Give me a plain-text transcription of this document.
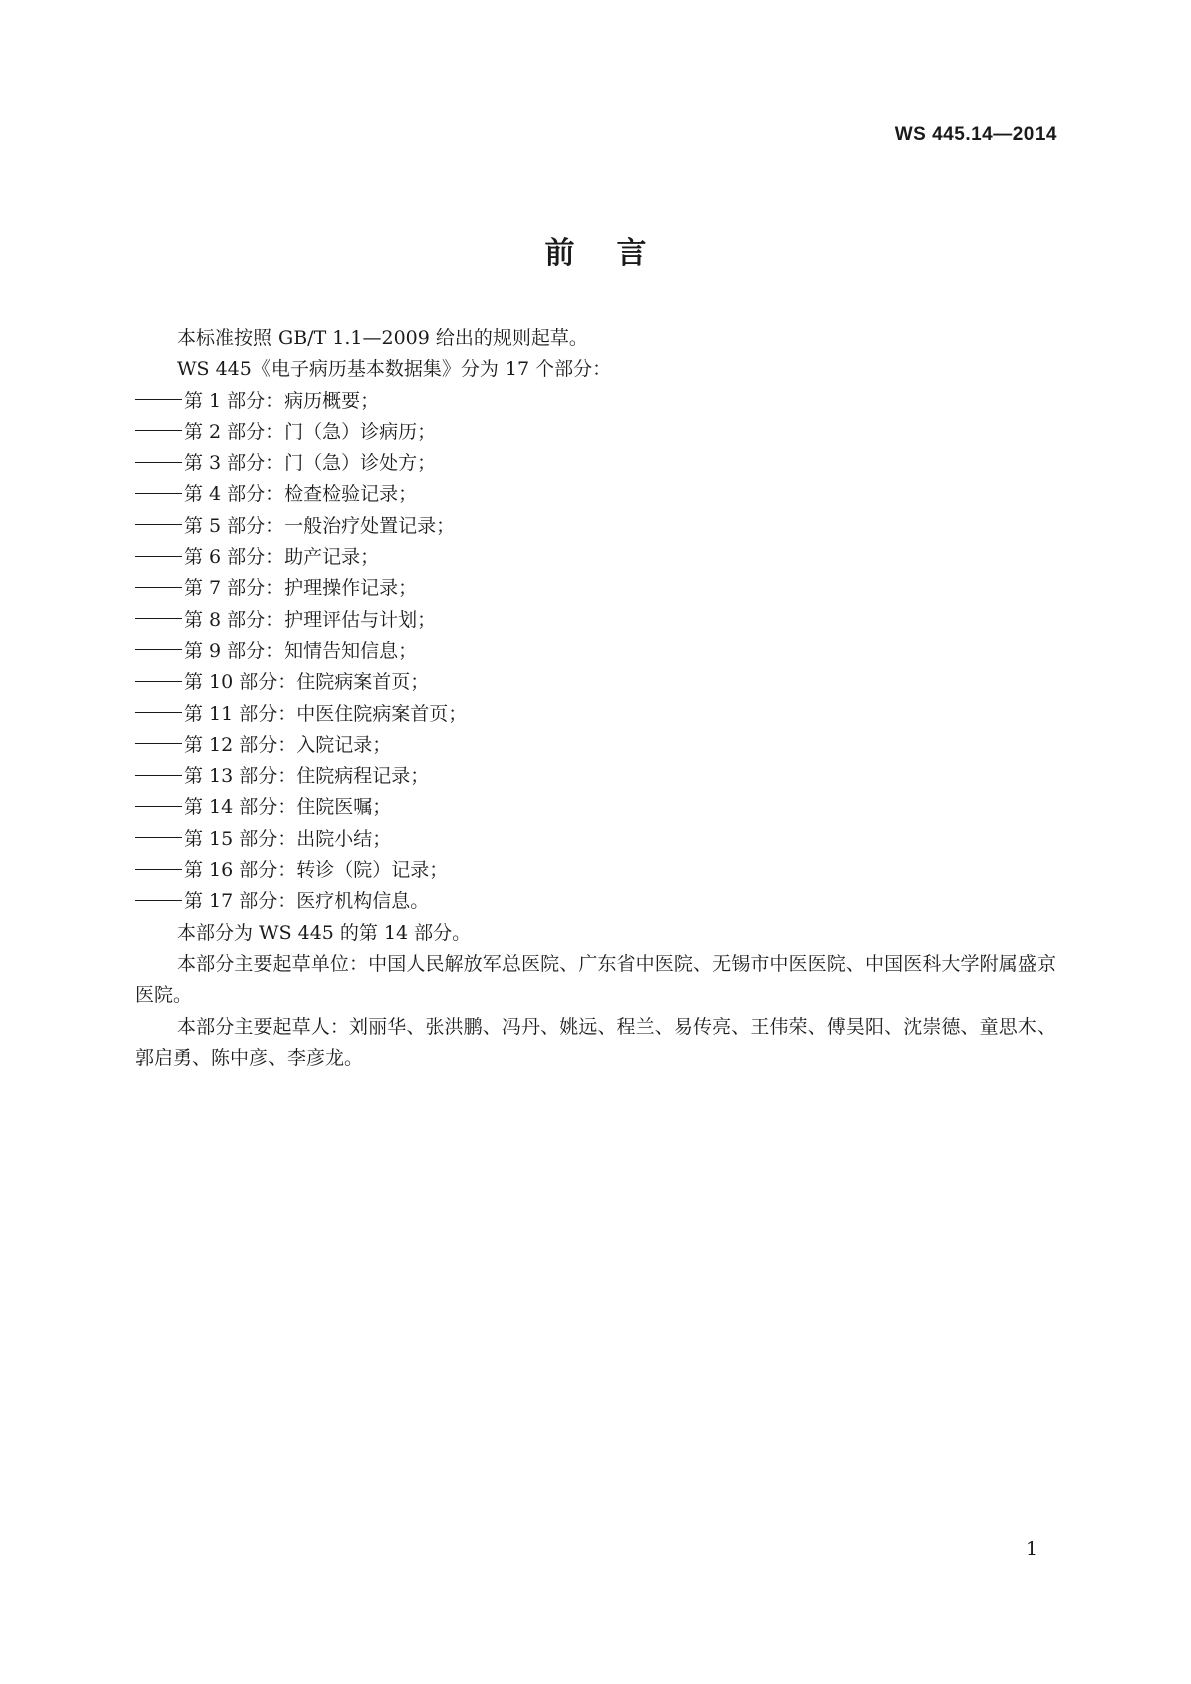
WS 445.14—2014
前言

本标准按照 GB/T 1.1—2009 给出的规则起草。

WS 445《电子病历基本数据集》分为 17 个部分：

第 1 部分：病历概要；

第 2 部分：门（急）诊病历；

第 3 部分：门（急）诊处方；

第 4 部分：检查检验记录；

第 5 部分：一般治疗处置记录；

第 6 部分：助产记录；

第 7 部分：护理操作记录；

第 8 部分：护理评估与计划；

第 9 部分：知情告知信息；

第 10 部分：住院病案首页；

第 11 部分：中医住院病案首页；

第 12 部分：入院记录；

第 13 部分：住院病程记录；

第 14 部分：住院医嘱；

第 15 部分：出院小结；

第 16 部分：转诊（院）记录；

第 17 部分：医疗机构信息。

本部分为 WS 445 的第 14 部分。

本部分主要起草单位：中国人民解放军总医院、广东省中医院、无锡市中医医院、中国医科大学附属盛京医院。

本部分主要起草人：刘丽华、张洪鹏、冯丹、姚远、程兰、易传亮、王伟荣、傅昊阳、沈崇德、童思木、郭启勇、陈中彦、李彦龙。

1
